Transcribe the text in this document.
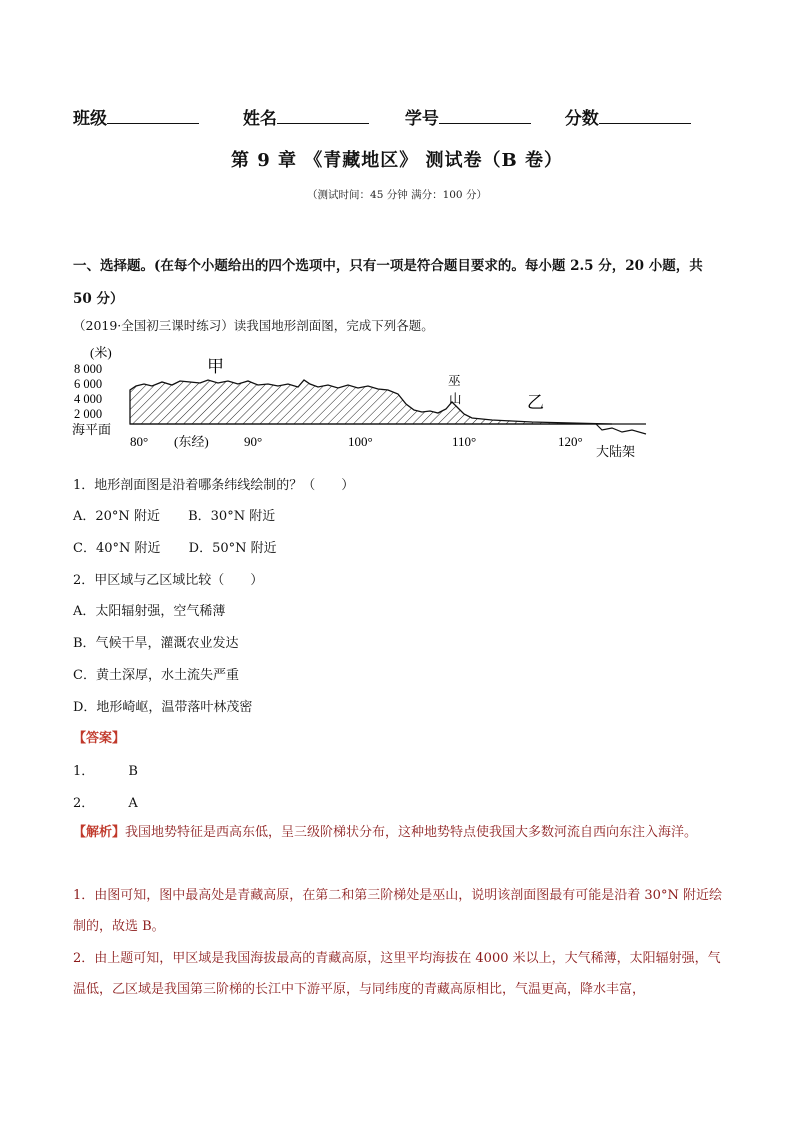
班级	姓名	学号	分数
第 9 章 《青藏地区》 测试卷（B 卷）
（测试时间：45 分钟 满分：100 分）
一、选择题。(在每个小题给出的四个选项中，只有一项是符合题目要求的。每小题 2.5 分，20 小题，共 50 分）
（2019·全国初三课时练习）读我国地形剖面图，完成下列各题。
(米)
8 000
6 000
4 000
2 000
海平面
甲
巫
山	乙
80° (东经)	90°	100°	110°	120°
大陆架
1．地形剖面图是沿着哪条纬线绘制的？（　　）
A．20°N 附近 B．30°N 附近
C．40°N 附近 D．50°N 附近
2．甲区域与乙区域比较（　　）
A．太阳辐射强，空气稀薄
B．气候干旱，灌溉农业发达
C．黄土深厚，水土流失严重
D．地形崎岖，温带落叶林茂密
【答案】
1．	B
2．	A
【解析】我国地势特征是西高东低，呈三级阶梯状分布，这种地势特点使我国大多数河流自西向东注入海洋。
1．由图可知，图中最高处是青藏高原，在第二和第三阶梯处是巫山，说明该剖面图最有可能是沿着 30°N 附近绘制的，故选 B。
2．由上题可知，甲区域是我国海拔最高的青藏高原，这里平均海拔在 4000 米以上，大气稀薄，太阳辐射强，气温低，乙区域是我国第三阶梯的长江中下游平原，与同纬度的青藏高原相比，气温更高，降水丰富，
